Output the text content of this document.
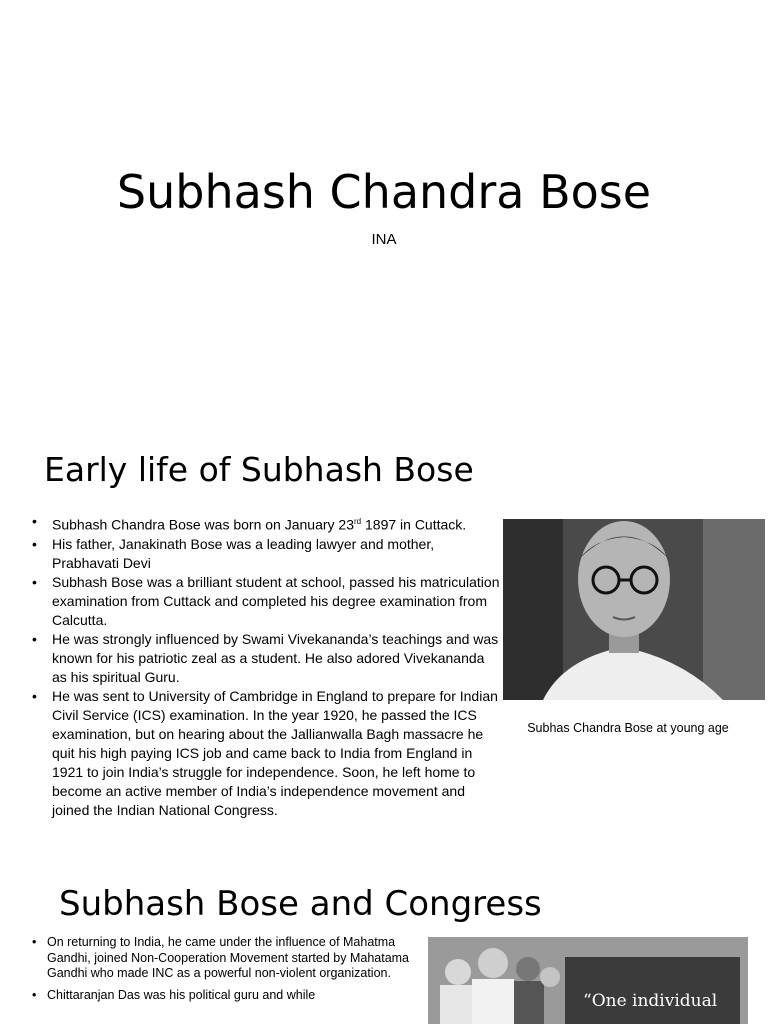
Subhash Chandra Bose
INA
Early life of Subhash Bose
• Subhash Chandra Bose was born on January 23rd 1897 in Cuttack.
• His father, Janakinath Bose was a leading lawyer and mother, Prabhavati Devi
• Subhash Bose was a brilliant student at school, passed his matriculation examination from Cuttack and completed his degree examination from Calcutta.
• He was strongly influenced by Swami Vivekananda’s teachings and was known for his patriotic zeal as a student. He also adored Vivekananda as his spiritual Guru.
• He was sent to University of Cambridge in England to prepare for Indian Civil Service (ICS) examination. In the year 1920, he passed the ICS examination, but on hearing about the Jallianwalla Bagh massacre he quit his high paying ICS job and came back to India from England in 1921 to join India’s struggle for independence. Soon, he left home to become an active member of India’s independence movement and joined the Indian National Congress.
Subhas Chandra Bose at young age
Subhash Bose and Congress
• On returning to India, he came under the influence of Mahatma Gandhi, joined Non-Cooperation Movement started by Mahatama Gandhi who made INC as a powerful non-violent organization.
• Chittaranjan Das was his political guru and while	“One individual
